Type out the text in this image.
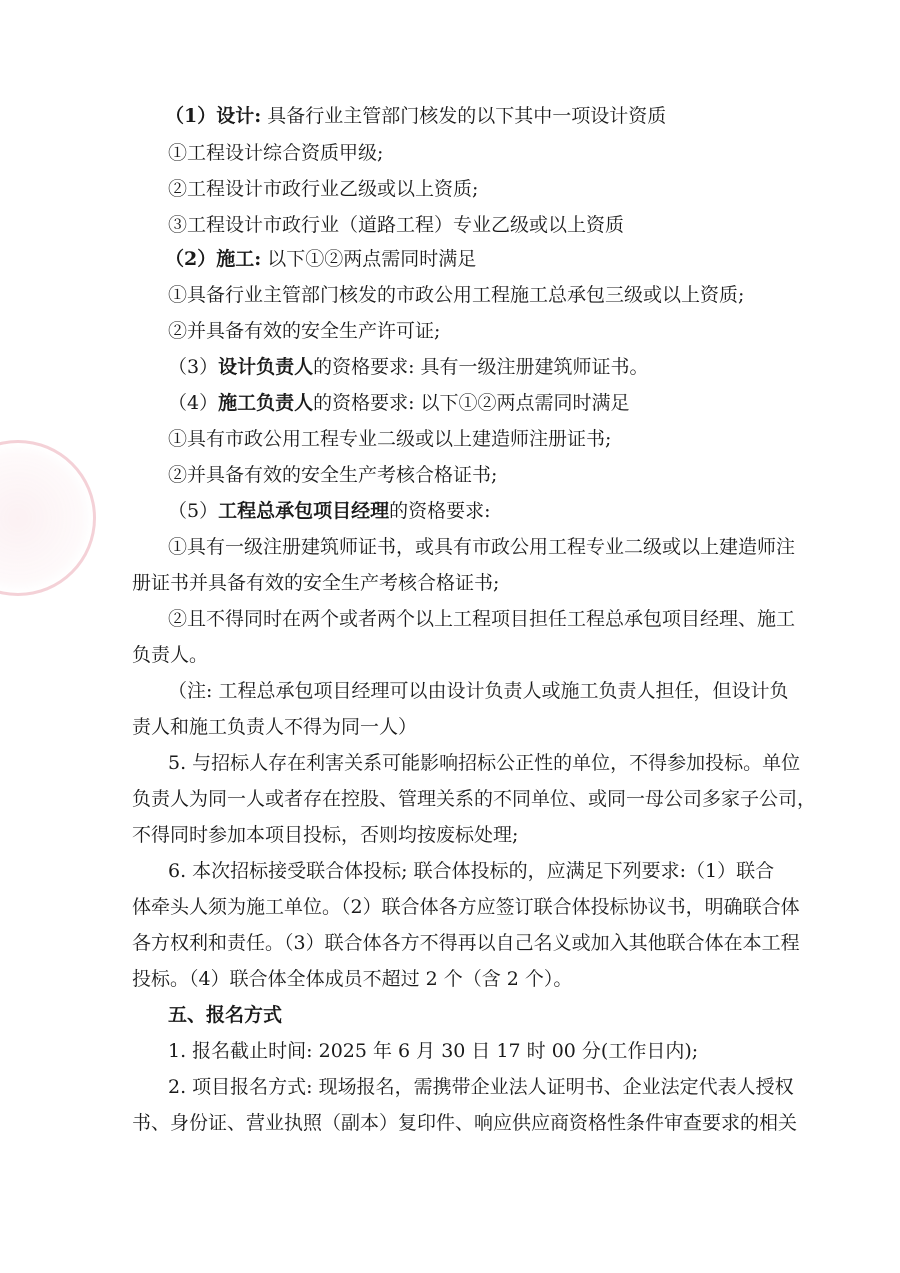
（1）设计: 具备行业主管部门核发的以下其中一项设计资质
①工程设计综合资质甲级;
②工程设计市政行业乙级或以上资质;
③工程设计市政行业（道路工程）专业乙级或以上资质
（2）施工: 以下①②两点需同时满足
①具备行业主管部门核发的市政公用工程施工总承包三级或以上资质;
②并具备有效的安全生产许可证;
（3）设计负责人的资格要求: 具有一级注册建筑师证书。
（4）施工负责人的资格要求: 以下①②两点需同时满足
①具有市政公用工程专业二级或以上建造师注册证书;
②并具备有效的安全生产考核合格证书;
（5）工程总承包项目经理的资格要求:
①具有一级注册建筑师证书，或具有市政公用工程专业二级或以上建造师注
册证书并具备有效的安全生产考核合格证书;
②且不得同时在两个或者两个以上工程项目担任工程总承包项目经理、施工
负责人。
（注: 工程总承包项目经理可以由设计负责人或施工负责人担任，但设计负
责人和施工负责人不得为同一人）
5. 与招标人存在利害关系可能影响招标公正性的单位，不得参加投标。单位
负责人为同一人或者存在控股、管理关系的不同单位、或同一母公司多家子公司，
不得同时参加本项目投标，否则均按废标处理;
6. 本次招标接受联合体投标; 联合体投标的，应满足下列要求:（1）联合
体牵头人须为施工单位。（2）联合体各方应签订联合体投标协议书，明确联合体
各方权利和责任。（3）联合体各方不得再以自己名义或加入其他联合体在本工程
投标。（4）联合体全体成员不超过 2 个（含 2 个）。
五、报名方式
1. 报名截止时间: 2025 年 6 月 30 日 17 时 00 分(工作日内);
2. 项目报名方式: 现场报名，需携带企业法人证明书、企业法定代表人授权
书、身份证、营业执照（副本）复印件、响应供应商资格性条件审查要求的相关
